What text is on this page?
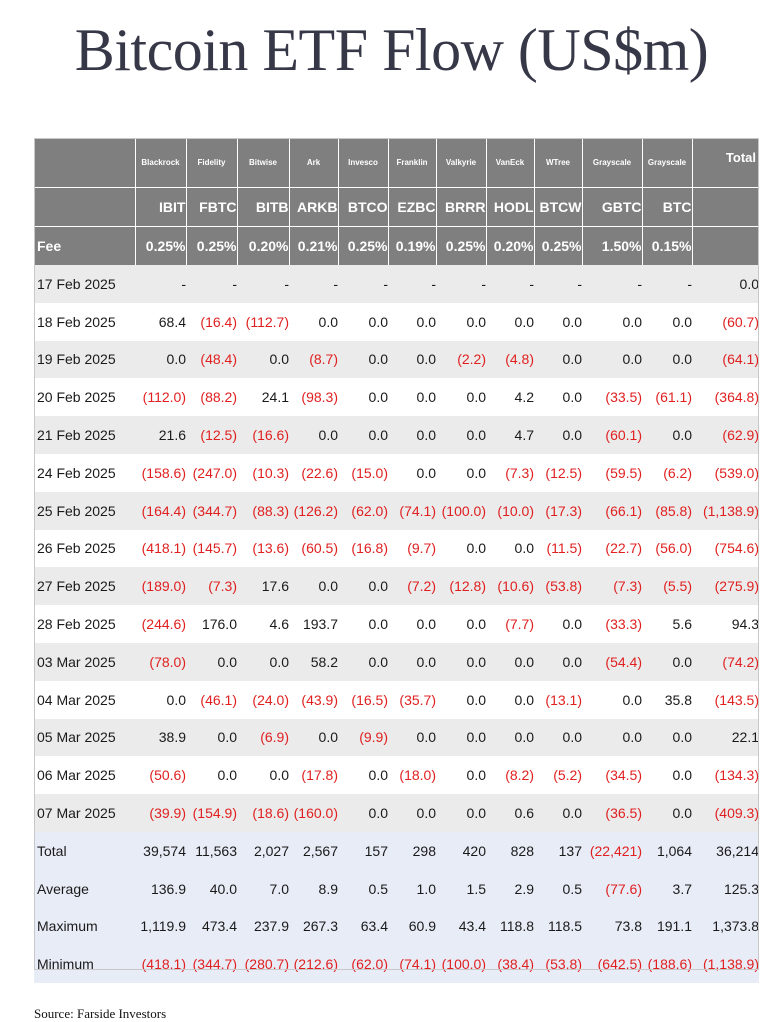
Bitcoin ETF Flow (US$m)
	Blackrock	Fidelity	Bitwise	Ark	Invesco	Franklin	Valkyrie	VanEck	WTree	Grayscale	Grayscale	Total
	IBIT	FBTC	BITB	ARKB	BTCO	EZBC	BRRR	HODL	BTCW	GBTC	BTC	
Fee	0.25%	0.25%	0.20%	0.21%	0.25%	0.19%	0.25%	0.20%	0.25%	1.50%	0.15%	
17 Feb 2025	-	-	-	-	-	-	-	-	-	-	-	0.0
18 Feb 2025	68.4	(16.4)	(112.7)	0.0	0.0	0.0	0.0	0.0	0.0	0.0	0.0	(60.7)
19 Feb 2025	0.0	(48.4)	0.0	(8.7)	0.0	0.0	(2.2)	(4.8)	0.0	0.0	0.0	(64.1)
20 Feb 2025	(112.0)	(88.2)	24.1	(98.3)	0.0	0.0	0.0	4.2	0.0	(33.5)	(61.1)	(364.8)
21 Feb 2025	21.6	(12.5)	(16.6)	0.0	0.0	0.0	0.0	4.7	0.0	(60.1)	0.0	(62.9)
24 Feb 2025	(158.6)	(247.0)	(10.3)	(22.6)	(15.0)	0.0	0.0	(7.3)	(12.5)	(59.5)	(6.2)	(539.0)
25 Feb 2025	(164.4)	(344.7)	(88.3)	(126.2)	(62.0)	(74.1)	(100.0)	(10.0)	(17.3)	(66.1)	(85.8)	(1,138.9)
26 Feb 2025	(418.1)	(145.7)	(13.6)	(60.5)	(16.8)	(9.7)	0.0	0.0	(11.5)	(22.7)	(56.0)	(754.6)
27 Feb 2025	(189.0)	(7.3)	17.6	0.0	0.0	(7.2)	(12.8)	(10.6)	(53.8)	(7.3)	(5.5)	(275.9)
28 Feb 2025	(244.6)	176.0	4.6	193.7	0.0	0.0	0.0	(7.7)	0.0	(33.3)	5.6	94.3
03 Mar 2025	(78.0)	0.0	0.0	58.2	0.0	0.0	0.0	0.0	0.0	(54.4)	0.0	(74.2)
04 Mar 2025	0.0	(46.1)	(24.0)	(43.9)	(16.5)	(35.7)	0.0	0.0	(13.1)	0.0	35.8	(143.5)
05 Mar 2025	38.9	0.0	(6.9)	0.0	(9.9)	0.0	0.0	0.0	0.0	0.0	0.0	22.1
06 Mar 2025	(50.6)	0.0	0.0	(17.8)	0.0	(18.0)	0.0	(8.2)	(5.2)	(34.5)	0.0	(134.3)
07 Mar 2025	(39.9)	(154.9)	(18.6)	(160.0)	0.0	0.0	0.0	0.6	0.0	(36.5)	0.0	(409.3)
Total	39,574	11,563	2,027	2,567	157	298	420	828	137	(22,421)	1,064	36,214
Average	136.9	40.0	7.0	8.9	0.5	1.0	1.5	2.9	0.5	(77.6)	3.7	125.3
Maximum	1,119.9	473.4	237.9	267.3	63.4	60.9	43.4	118.8	118.5	73.8	191.1	1,373.8
Minimum	(418.1)	(344.7)	(280.7)	(212.6)	(62.0)	(74.1)	(100.0)	(38.4)	(53.8)	(642.5)	(188.6)	(1,138.9)
Source: Farside Investors
